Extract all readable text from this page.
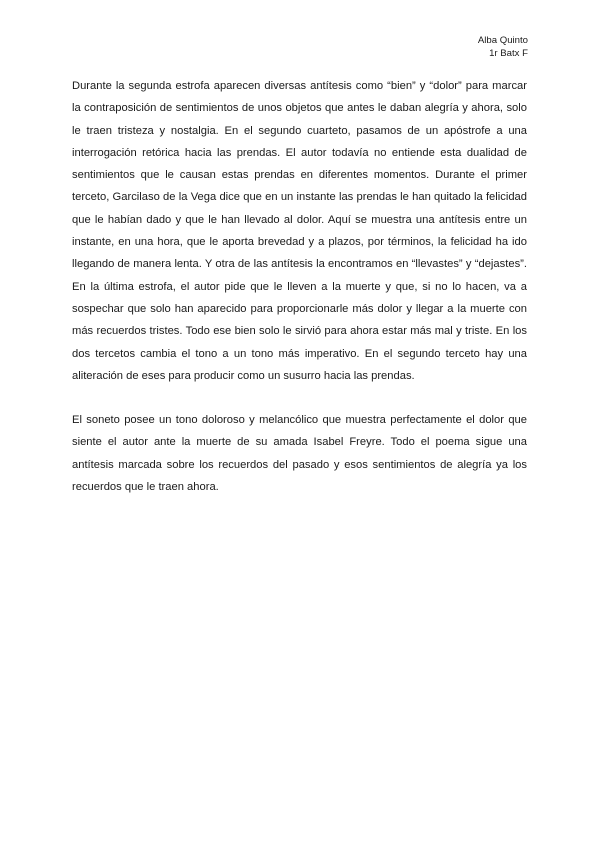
Alba Quinto
1r Batx F

Durante la segunda estrofa aparecen diversas antítesis como “bien” y “dolor” para marcar la contraposición de sentimientos de unos objetos que antes le daban alegría y ahora, solo le traen tristeza y nostalgia. En el segundo cuarteto, pasamos de un apóstrofe a una interrogación retórica hacia las prendas. El autor todavía no entiende esta dualidad de sentimientos que le causan estas prendas en diferentes momentos. Durante el primer terceto, Garcilaso de la Vega dice que en un instante las prendas le han quitado la felicidad que le habían dado y que le han llevado al dolor. Aquí se muestra una antítesis entre un instante, en una hora, que le aporta brevedad y a plazos, por términos, la felicidad ha ido llegando de manera lenta. Y otra de las antítesis la encontramos en “llevastes” y “dejastes”. En la última estrofa, el autor pide que le lleven a la muerte y que, si no lo hacen, va a sospechar que solo han aparecido para proporcionarle más dolor y llegar a la muerte con más recuerdos tristes. Todo ese bien solo le sirvió para ahora estar más mal y triste. En los dos tercetos cambia el tono a un tono más imperativo. En el segundo terceto hay una aliteración de eses para producir como un susurro hacia las prendas.

El soneto posee un tono doloroso y melancólico que muestra perfectamente el dolor que siente el autor ante la muerte de su amada Isabel Freyre. Todo el poema sigue una antítesis marcada sobre los recuerdos del pasado y esos sentimientos de alegría ya los recuerdos que le traen ahora.
